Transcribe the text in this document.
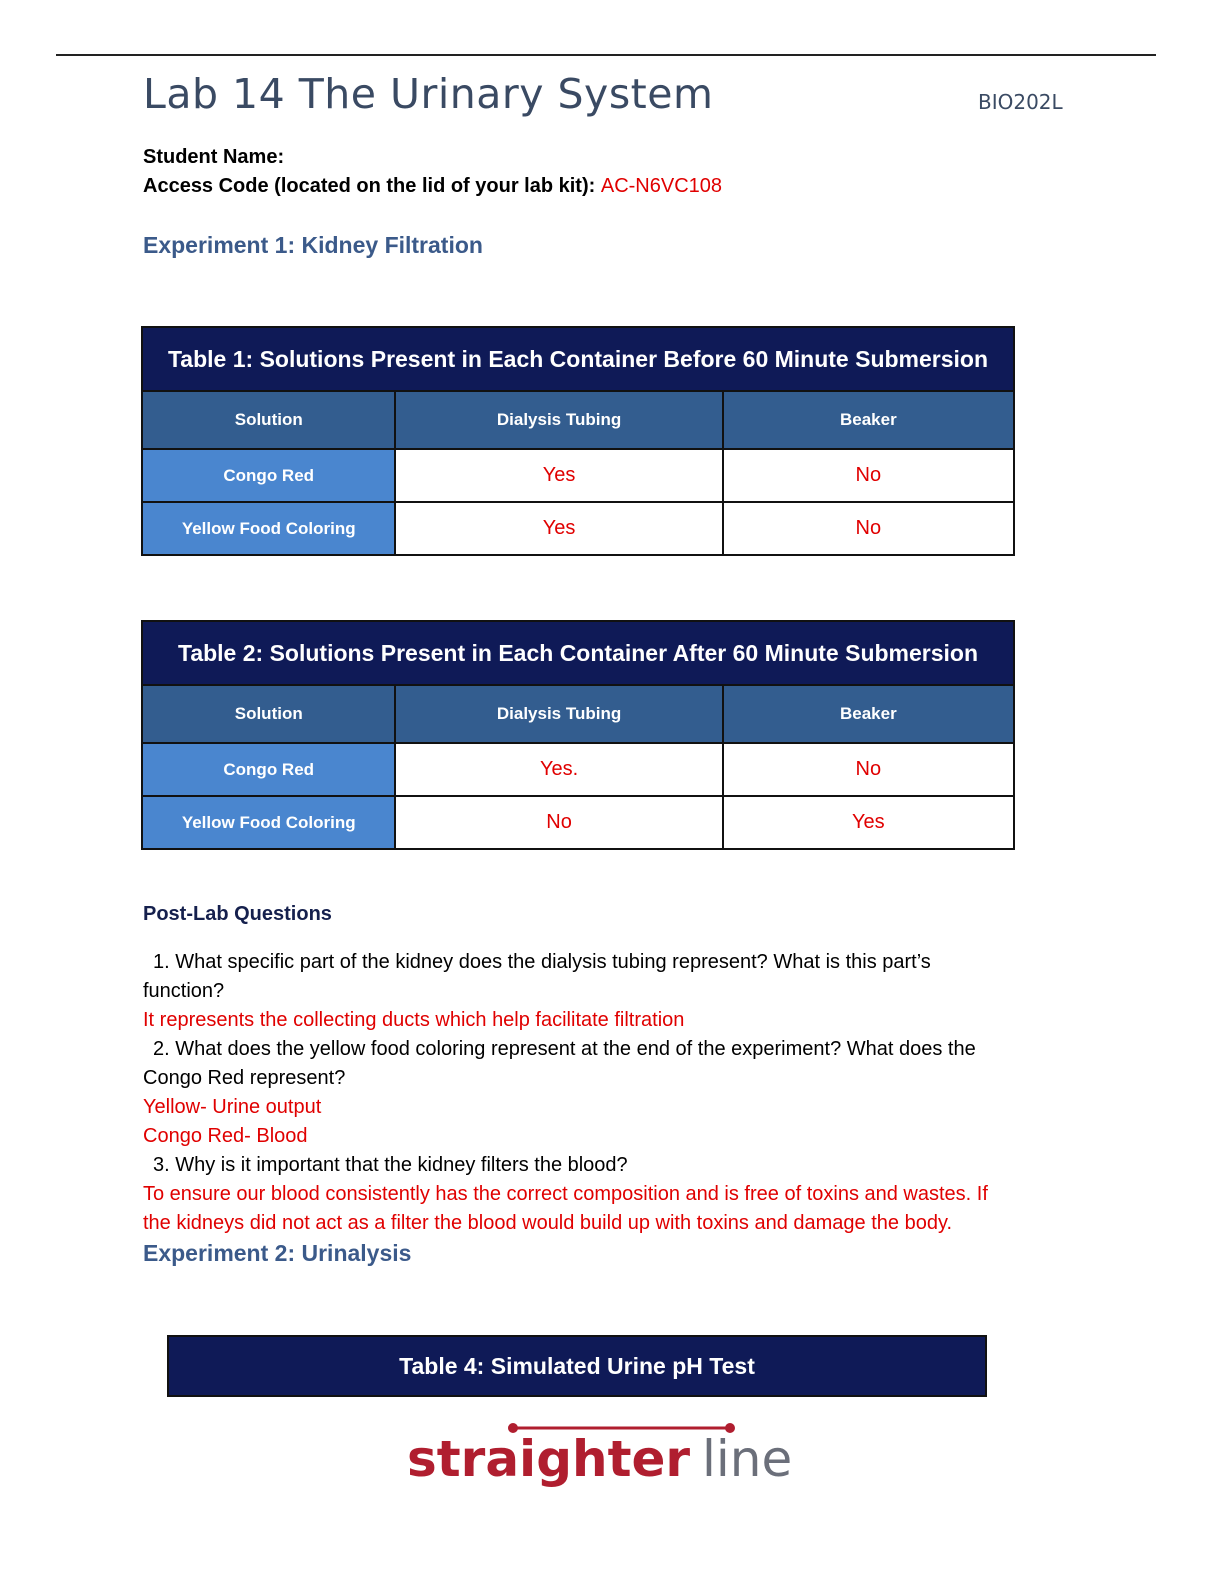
Lab 14 The Urinary System	BIO202L
Student Name:
Access Code (located on the lid of your lab kit): AC-N6VC108
Experiment 1: Kidney Filtration
Table 1: Solutions Present in Each Container Before 60 Minute Submersion		
Solution	Dialysis Tubing	Beaker
Congo Red	Yes	No
Yellow Food Coloring	Yes	No
Table 2: Solutions Present in Each Container After 60 Minute Submersion		
Solution	Dialysis Tubing	Beaker
Congo Red	Yes.	No
Yellow Food Coloring	No	Yes
Post-Lab Questions
1. What specific part of the kidney does the dialysis tubing represent? What is this part’s
function?
It represents the collecting ducts which help facilitate filtration
2. What does the yellow food coloring represent at the end of the experiment? What does the
Congo Red represent?
Yellow- Urine output
Congo Red- Blood
3. Why is it important that the kidney filters the blood?
To ensure our blood consistently has the correct composition and is free of toxins and wastes. If
the kidneys did not act as a filter the blood would build up with toxins and damage the body.
Experiment 2: Urinalysis
Table 4: Simulated Urine pH Test
straighter line
